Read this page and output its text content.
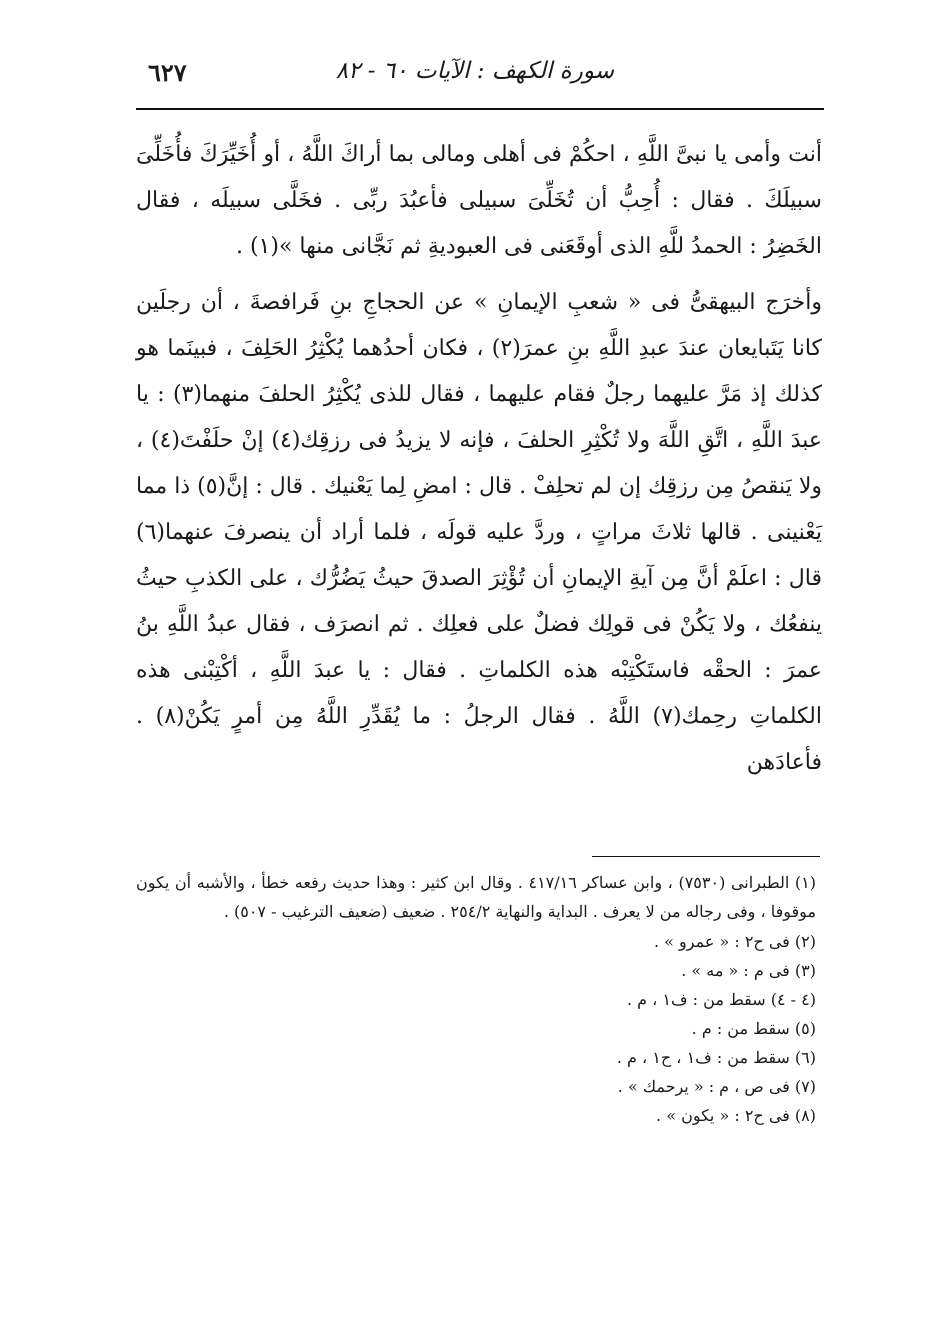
سورة الكهف : الآيات ٦٠ - ٨٢
٦٢٧

أنت وأمى يا نبىَّ اللَّهِ ، احكُمْ فى أهلى ومالى بما أراكَ اللَّهُ ، أو أُخَيِّرَكَ فأُخَلِّىَ سبيلَكَ . فقال : أُحِبُّ أن تُخَلِّىَ سبيلى فأعبُدَ ربِّى . فخَلَّى سبيلَه ، فقال الخَضِرُ : الحمدُ للَّهِ الذى أوقَعَنى فى العبوديةِ ثم نَجَّانى منها »(١) .

وأخرَج البيهقىُّ فى « شعبِ الإيمانِ » عن الحجاجِ بنِ فَرافصةَ ، أن رجلَين كانا يَتَبايعان عندَ عبدِ اللَّهِ بنِ عمرَ(٢) ، فكان أحدُهما يُكْثِرُ الحَلِفَ ، فبينَما هو كذلك إذ مَرَّ عليهما رجلٌ فقام عليهما ، فقال للذى يُكْثِرُ الحلفَ منهما(٣) : يا عبدَ اللَّهِ ، اتَّقِ اللَّهَ ولا تُكْثِرِ الحلفَ ، فإنه لا يزيدُ فى رزقِك(٤) إنْ حلَفْتَ(٤) ، ولا يَنقصُ مِن رزقِك إن لم تحلِفْ . قال : امضِ لِما يَعْنيك . قال : إنَّ(٥) ذا مما يَعْنينى . قالها ثلاثَ مراتٍ ، وردَّ عليه قولَه ، فلما أراد أن ينصرفَ عنهما(٦) قال : اعلَمْ أنَّ مِن آيةِ الإيمانِ أن تُؤْثِرَ الصدقَ حيثُ يَضُرُّك ، على الكذبِ حيثُ ينفعُك ، ولا يَكُنْ فى قولِك فضلٌ على فعلِك . ثم انصرَف ، فقال عبدُ اللَّهِ بنُ عمرَ : الحقْه فاستَكْتِبْه هذه الكلماتِ . فقال : يا عبدَ اللَّهِ ، أكْتِبْنى هذه الكلماتِ رحِمك(٧) اللَّهُ . فقال الرجلُ : ما يُقَدِّرِ اللَّهُ مِن أمرٍ يَكُنْ(٨) . فأعادَهن

(١) الطبرانى (٧٥٣٠) ، وابن عساكر ٤١٧/١٦ . وقال ابن كثير : وهذا حديث رفعه خطأ ، والأشبه أن يكون موقوفا ، وفى رجاله من لا يعرف . البداية والنهاية ٢٥٤/٢ . ضعيف (ضعيف الترغيب - ٥٠٧) .

(٢) فى ح٢ : « عمرو » .

(٣) فى م : « مه » .

(٤ - ٤) سقط من : ف١ ، م .

(٥) سقط من : م .

(٦) سقط من : ف١ ، ح١ ، م .

(٧) فى ص ، م : « يرحمك » .

(٨) فى ح٢ : « يكون » .
